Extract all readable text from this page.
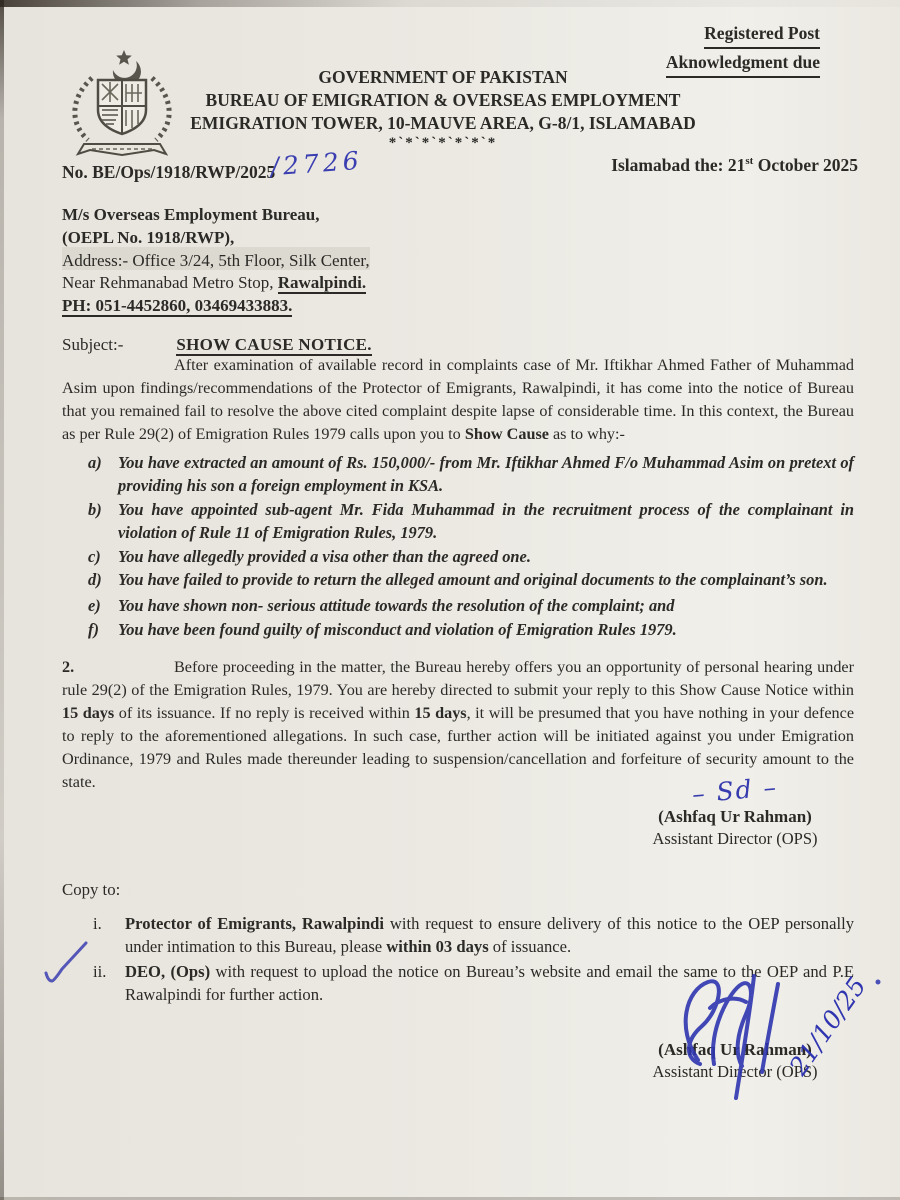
Registered Post
Aknowledgment due
GOVERNMENT OF PAKISTAN
BUREAU OF EMIGRATION & OVERSEAS EMPLOYMENT
EMIGRATION TOWER, 10-MAUVE AREA, G-8/1, ISLAMABAD
*`*`*`*`*`*`*
No. BE/Ops/1918/RWP/2025/2726	Islamabad the: 21st October 2025
M/s Overseas Employment Bureau,
(OEPL No. 1918/RWP),
Address:- Office 3/24, 5th Floor, Silk Center,
Near Rehmanabad Metro Stop, Rawalpindi.
PH: 051-4452860, 03469433883.
Subject:-	SHOW CAUSE NOTICE.
After examination of available record in complaints case of Mr. Iftikhar Ahmed Father of Muhammad Asim upon findings/recommendations of the Protector of Emigrants, Rawalpindi, it has come into the notice of Bureau that you remained fail to resolve the above cited complaint despite lapse of considerable time. In this context, the Bureau as per Rule 29(2) of Emigration Rules 1979 calls upon you to Show Cause as to why:-
a) You have extracted an amount of Rs. 150,000/- from Mr. Iftikhar Ahmed F/o Muhammad Asim on pretext of providing his son a foreign employment in KSA.
b) You have appointed sub-agent Mr. Fida Muhammad in the recruitment process of the complainant in violation of Rule 11 of Emigration Rules, 1979.
c) You have allegedly provided a visa other than the agreed one.
d) You have failed to provide to return the alleged amount and original documents to the complainant’s son.
e) You have shown non- serious attitude towards the resolution of the complaint; and
f) You have been found guilty of misconduct and violation of Emigration Rules 1979.
2.	Before proceeding in the matter, the Bureau hereby offers you an opportunity of personal hearing under rule 29(2) of the Emigration Rules, 1979. You are hereby directed to submit your reply to this Show Cause Notice within 15 days of its issuance. If no reply is received within 15 days, it will be presumed that you have nothing in your defence to reply to the aforementioned allegations. In such case, further action will be initiated against you under Emigration Ordinance, 1979 and Rules made thereunder leading to suspension/cancellation and forfeiture of security amount to the state.	– Sd –
(Ashfaq Ur Rahman)
Assistant Director (OPS)
Copy to:
i. Protector of Emigrants, Rawalpindi with request to ensure delivery of this notice to the OEP personally under intimation to this Bureau, please within 03 days of issuance.
ii. DEO, (Ops) with request to upload the notice on Bureau’s website and email the same to the OEP and P.E Rawalpindi for further action.
(Ashfaq Ur Rahman)
Assistant Director (OPS)
21/10/25
